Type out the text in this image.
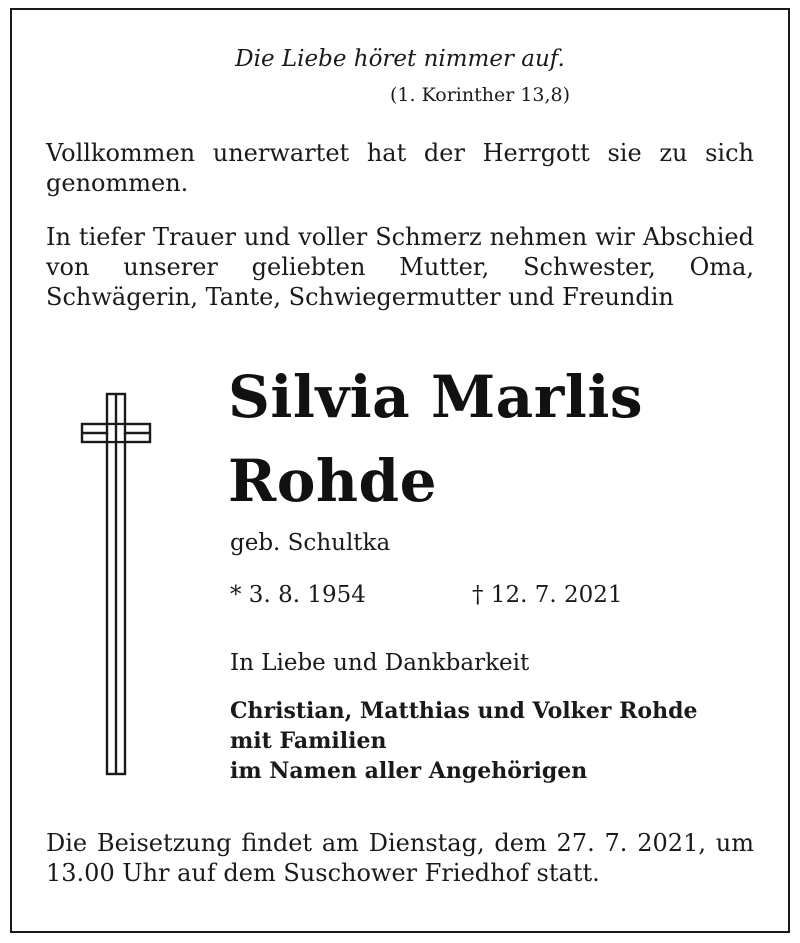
Die Liebe höret nimmer auf.
(1. Korinther 13,8)
Vollkommen unerwartet hat der Herrgott sie zu sich genommen.
In tiefer Trauer und voller Schmerz nehmen wir Abschied von unserer geliebten Mutter, Schwester, Oma, Schwägerin, Tante, Schwiegermutter und Freundin
Silvia Marlis
Rohde
geb. Schultka
* 3. 8. 1954	† 12. 7. 2021
In Liebe und Dankbarkeit
Christian, Matthias und Volker Rohde
mit Familien
im Namen aller Angehörigen
Die Beisetzung findet am Dienstag, dem 27. 7. 2021, um 13.00 Uhr auf dem Suschower Friedhof statt.
